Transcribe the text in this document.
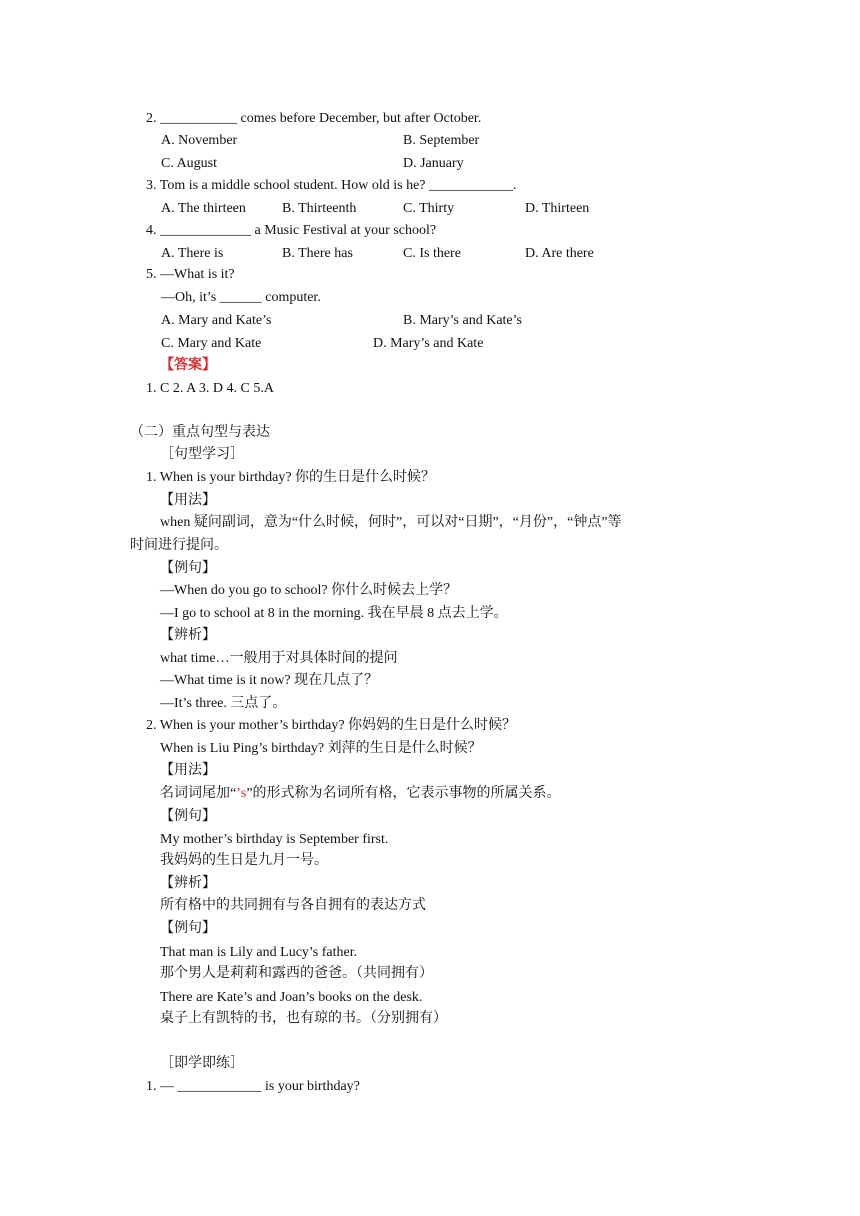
2. ___________ comes before December, but after October.
A. November	B. September
C. August	D. January
3. Tom is a middle school student. How old is he? ____________.
A. The thirteen	B. Thirteenth	C. Thirty	D. Thirteen
4. _____________ a Music Festival at your school?
A. There is	B. There has	C. Is there	D. Are there
5. —What is it?
—Oh, it’s ______ computer.
A. Mary and Kate’s	B. Mary’s and Kate’s
C. Mary and Kate	D. Mary’s and Kate
【答案】
1. C 2. A 3. D 4. C 5.A
（二）重点句型与表达
［句型学习］
1. When is your birthday? 你的生日是什么时候？
【用法】
when 疑问副词，意为“什么时候，何时”，可以对“日期”，“月份”，“钟点”等
时间进行提问。
【例句】
—When do you go to school? 你什么时候去上学？
—I go to school at 8 in the morning. 我在早晨 8 点去上学。
【辨析】
what time…一般用于对具体时间的提问
—What time is it now? 现在几点了？
—It’s three. 三点了。
2. When is your mother’s birthday? 你妈妈的生日是什么时候？
When is Liu Ping’s birthday? 刘萍的生日是什么时候？
【用法】
名词词尾加“’s”的形式称为名词所有格，它表示事物的所属关系。
【例句】
My mother’s birthday is September first.
我妈妈的生日是九月一号。
【辨析】
所有格中的共同拥有与各自拥有的表达方式
【例句】
That man is Lily and Lucy’s father.
那个男人是莉莉和露西的爸爸。（共同拥有）
There are Kate’s and Joan’s books on the desk.
桌子上有凯特的书，也有琼的书。（分别拥有）
［即学即练］
1. — ____________ is your birthday?
